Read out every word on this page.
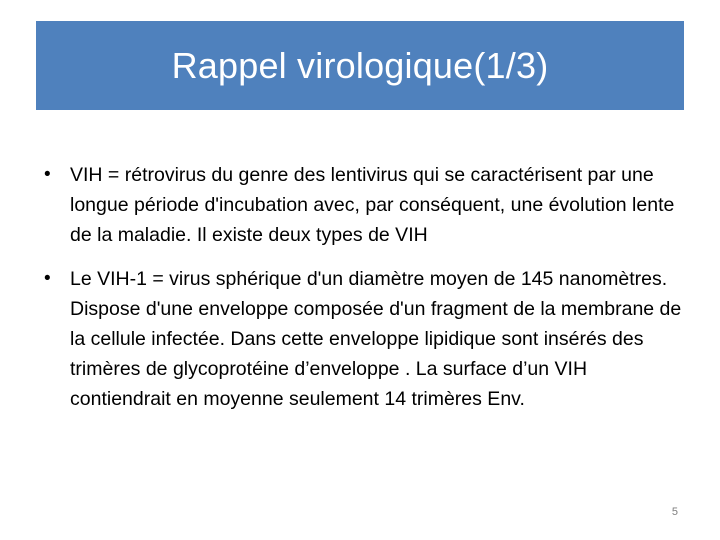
Rappel virologique(1/3)
• VIH = rétrovirus du genre des lentivirus qui se caractérisent par une longue période d'incubation avec, par conséquent, une évolution lente de la maladie. Il existe deux types de VIH
• Le VIH-1 = virus sphérique d'un diamètre moyen de 145 nanomètres. Dispose d'une enveloppe composée d'un fragment de la membrane de la cellule infectée. Dans cette enveloppe lipidique sont insérés des trimères de glycoprotéine d’enveloppe . La surface d’un VIH contiendrait en moyenne seulement 14 trimères Env.
5
